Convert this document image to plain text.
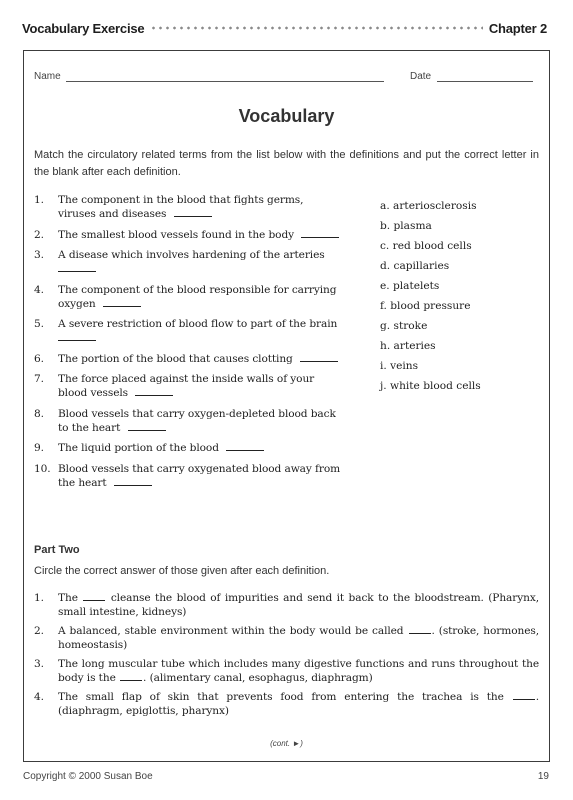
Vocabulary Exercise	Chapter 2
Name	Date
Vocabulary

Match the circulatory related terms from the list below with the definitions and put the correct letter in the blank after each definition.

1. The component in the blood that fights germs, viruses and diseases
2. The smallest blood vessels found in the body
3. A disease which involves hardening of the arteries

4. The component of the blood responsible for carrying oxygen
5. A severe restriction of blood flow to part of the brain

6. The portion of the blood that causes clotting
7. The force placed against the inside walls of your blood vessels
8. Blood vessels that carry oxygen-depleted blood back to the heart
9. The liquid portion of the blood
10. Blood vessels that carry oxygenated blood away from the heart
a. arteriosclerosis
b. plasma
c. red blood cells
d. capillaries
e. platelets
f. blood pressure
g. stroke
h. arteries
i. veins
j. white blood cells
Part Two
Circle the correct answer of those given after each definition.
1. The	cleanse the blood of impurities and send it back to the bloodstream. (Pharynx, small intestine, kidneys)
2. A balanced, stable environment within the body would be called	. (stroke, hormones, homeostasis)
3. The long muscular tube which includes many digestive functions and runs throughout the body is the	. (alimentary canal, esophagus, diaphragm)
4. The small flap of skin that prevents food from entering the trachea is the	. (diaphragm, epiglottis, pharynx)
(cont. ►)
Copyright © 2000 Susan Boe	19
